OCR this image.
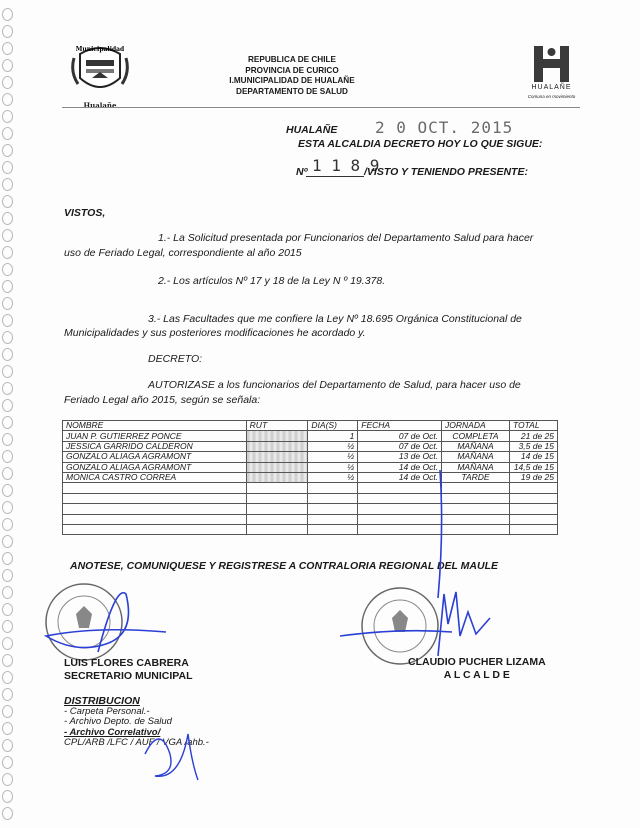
Municipalidad
Hualañe
REPUBLICA DE CHILE
PROVINCIA DE CURICO
I.MUNICIPALIDAD DE HUALAÑE
DEPARTAMENTO DE SALUD	HUALAÑE
Comuna en movimiento
HUALAÑE 2 0 OCT. 2015
ESTA ALCALDIA DECRETO HOY LO QUE SIGUE:
Nº 1 1 8 9
/VISTO Y TENIENDO PRESENTE:
VISTOS,
1.- La Solicitud presentada por Funcionarios del Departamento Salud para hacer
uso de Feriado Legal, correspondiente al año 2015
2.- Los artículos Nº 17 y 18 de la Ley N º 19.378.
3.- Las Facultades que me confiere la Ley Nº 18.695 Orgánica Constitucional de
Municipalidades y sus posteriores modificaciones he acordado y.
DECRETO:
AUTORIZASE a los funcionarios del Departamento de Salud, para hacer uso de
Feriado Legal año 2015, según se señala:
NOMBRE	RUT	DIA(S)	FECHA	JORNADA	TOTAL
JUAN P. GUTIERREZ PONCE		1	07 de Oct.	COMPLETA	21 de 25
JESSICA GARRIDO CALDERON		½	07 de Oct.	MAÑANA	3,5 de 15
GONZALO ALIAGA AGRAMONT		½	13 de Oct.	MAÑANA	14 de 15
GONZALO ALIAGA AGRAMONT		½	14 de Oct.	MAÑANA	14,5 de 15
MONICA CASTRO CORREA		½	14 de Oct.	TARDE	19 de 25

ANOTESE, COMUNIQUESE Y REGISTRESE A CONTRALORIA REGIONAL DEL MAULE
LUIS FLORES CABRERA
SECRETARIO MUNICIPAL
CLAUDIO PUCHER LIZAMA
A L C A L D E
DISTRIBUCION
- Carpeta Personal.-
- Archivo Depto. de Salud
- Archivo Correlativo/
CPL/ARB /LFC / AUF / VGA /ahb.-
